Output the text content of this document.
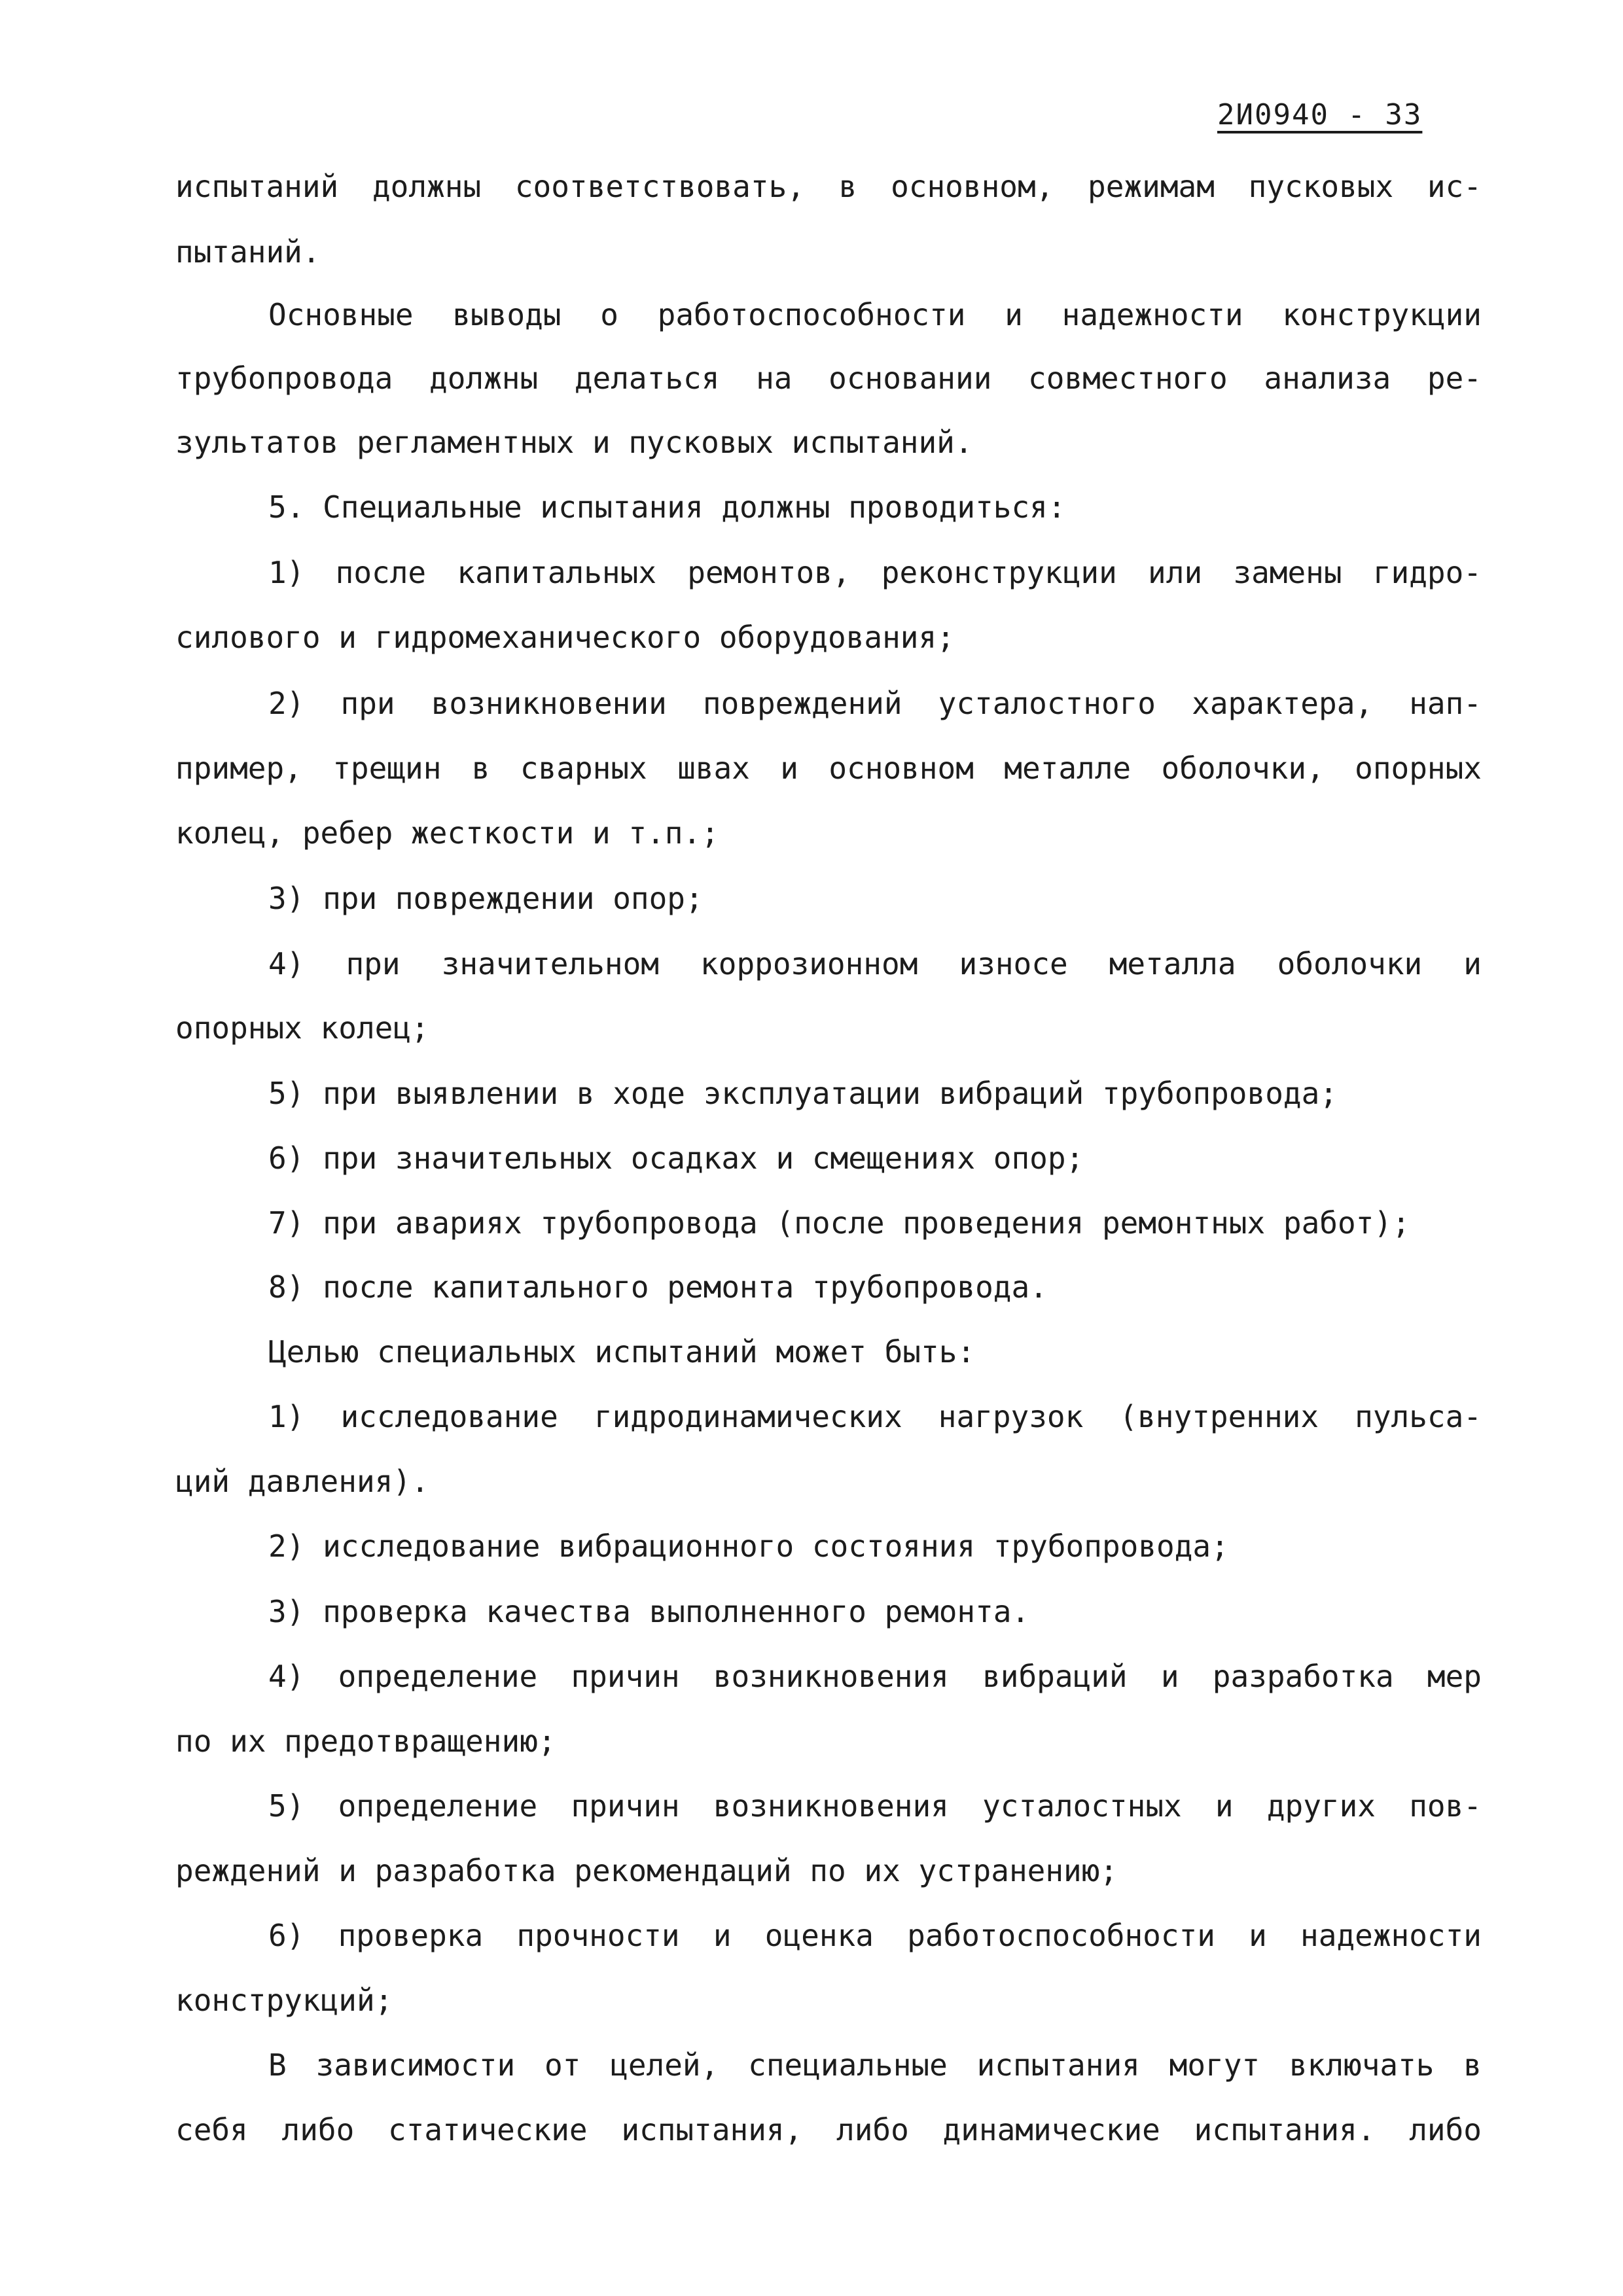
2И0940 - 33
испытаний должны соответствовать, в основном, режимам пусковых ис-
пытаний.
Основные выводы о работоспособности и надежности конструкции
трубопровода должны делаться на основании совместного анализа ре-
зультатов регламентных и пусковых испытаний.
5. Специальные испытания должны проводиться:
1) после капитальных ремонтов, реконструкции или замены гидро-
силового и гидромеханического оборудования;
2) при возникновении повреждений усталостного характера, нап-
пример, трещин в сварных швах и основном металле оболочки, опорных
колец, ребер жесткости и т.п.;
3) при повреждении опор;
4) при значительном коррозионном износе металла оболочки и
опорных колец;
5) при выявлении в ходе эксплуатации вибраций трубопровода;
6) при значительных осадках и смещениях опор;
7) при авариях трубопровода (после проведения ремонтных работ);
8) после капитального ремонта трубопровода.
Целью специальных испытаний может быть:
1) исследование гидродинамических нагрузок (внутренних пульса-
ций давления).
2) исследование вибрационного состояния трубопровода;
3) проверка качества выполненного ремонта.
4) определение причин возникновения вибраций и разработка мер
по их предотвращению;
5) определение причин возникновения усталостных и других пов-
реждений и разработка рекомендаций по их устранению;
6) проверка прочности и оценка работоспособности и надежности
конструкций;
В зависимости от целей, специальные испытания могут включать в
себя либо статические испытания, либо динамические испытания. либо
